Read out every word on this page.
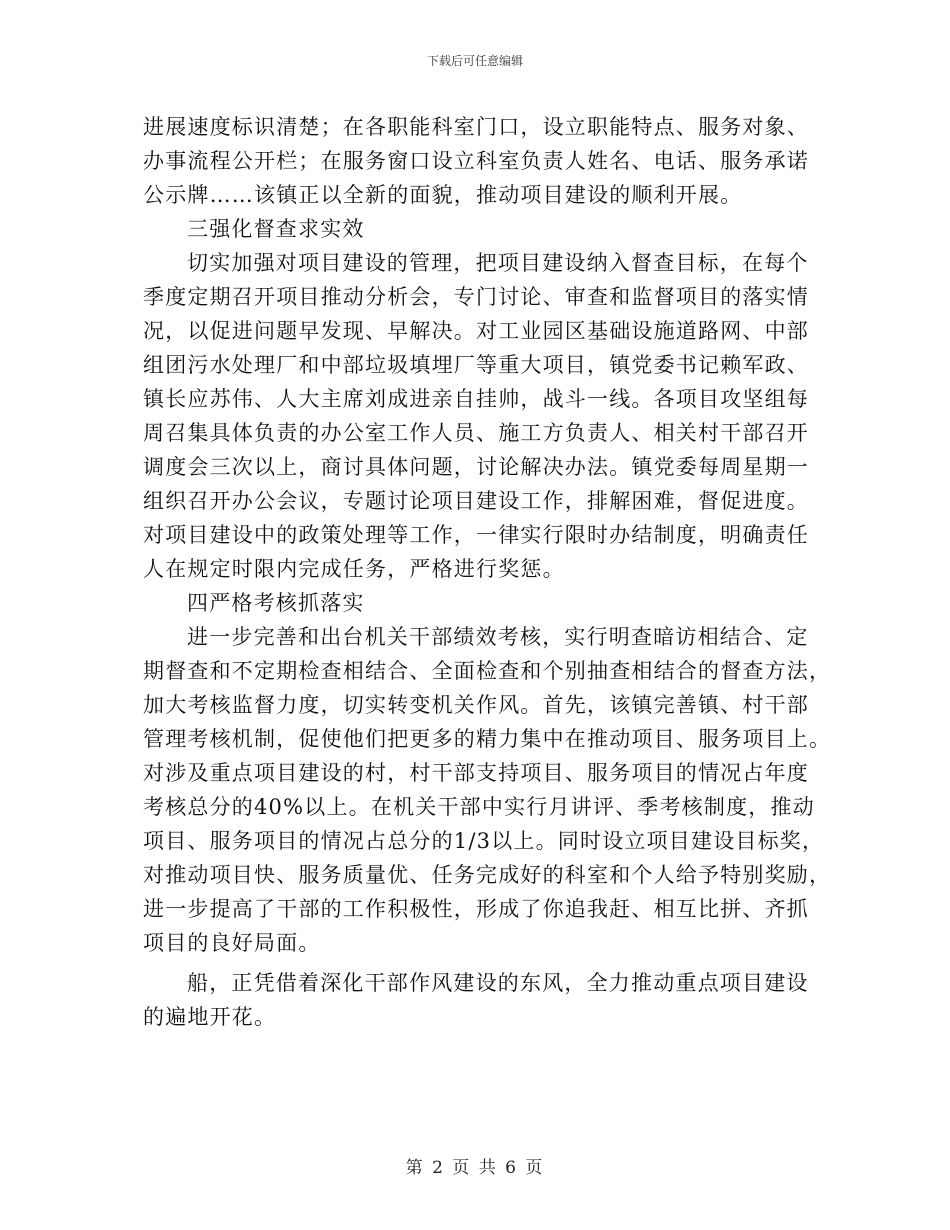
下载后可任意编辑
进展速度标识清楚；在各职能科室门口，设立职能特点、服务对象、
办事流程公开栏；在服务窗口设立科室负责人姓名、电话、服务承诺
公示牌……该镇正以全新的面貌，推动项目建设的顺利开展。
三强化督查求实效
切实加强对项目建设的管理，把项目建设纳入督查目标，在每个
季度定期召开项目推动分析会，专门讨论、审查和监督项目的落实情
况，以促进问题早发现、早解决。对工业园区基础设施道路网、中部
组团污水处理厂和中部垃圾填埋厂等重大项目，镇党委书记赖军政、
镇长应苏伟、人大主席刘成进亲自挂帅，战斗一线。各项目攻坚组每
周召集具体负责的办公室工作人员、施工方负责人、相关村干部召开
调度会三次以上，商讨具体问题，讨论解决办法。镇党委每周星期一
组织召开办公会议，专题讨论项目建设工作，排解困难，督促进度。
对项目建设中的政策处理等工作，一律实行限时办结制度，明确责任
人在规定时限内完成任务，严格进行奖惩。
四严格考核抓落实
进一步完善和出台机关干部绩效考核，实行明查暗访相结合、定
期督查和不定期检查相结合、全面检查和个别抽查相结合的督查方法，
加大考核监督力度，切实转变机关作风。首先，该镇完善镇、村干部
管理考核机制，促使他们把更多的精力集中在推动项目、服务项目上。
对涉及重点项目建设的村，村干部支持项目、服务项目的情况占年度
考核总分的40%以上。在机关干部中实行月讲评、季考核制度，推动
项目、服务项目的情况占总分的1/3以上。同时设立项目建设目标奖，
对推动项目快、服务质量优、任务完成好的科室和个人给予特别奖励，
进一步提高了干部的工作积极性，形成了你追我赶、相互比拼、齐抓
项目的良好局面。
船，正凭借着深化干部作风建设的东风，全力推动重点项目建设
的遍地开花。
第 2 页 共 6 页
